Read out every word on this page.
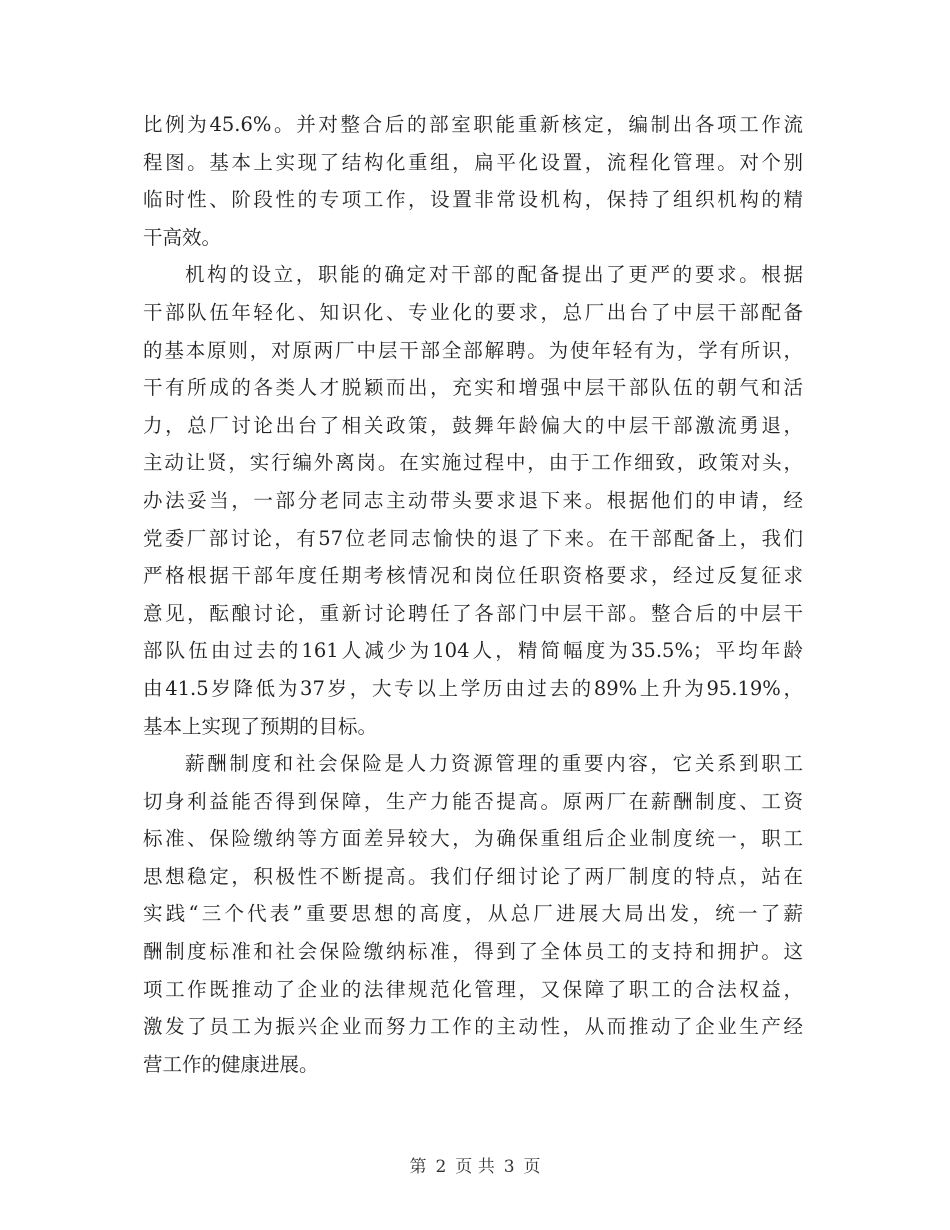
比例为45.6%。并对整合后的部室职能重新核定，编制出各项工作流
程图。基本上实现了结构化重组，扁平化设置，流程化管理。对个别
临时性、阶段性的专项工作，设置非常设机构，保持了组织机构的精
干高效。
机构的设立，职能的确定对干部的配备提出了更严的要求。根据
干部队伍年轻化、知识化、专业化的要求，总厂出台了中层干部配备
的基本原则，对原两厂中层干部全部解聘。为使年轻有为，学有所识，
干有所成的各类人才脱颖而出，充实和增强中层干部队伍的朝气和活
力，总厂讨论出台了相关政策，鼓舞年龄偏大的中层干部激流勇退，
主动让贤，实行编外离岗。在实施过程中，由于工作细致，政策对头，
办法妥当，一部分老同志主动带头要求退下来。根据他们的申请，经
党委厂部讨论，有57位老同志愉快的退了下来。在干部配备上，我们
严格根据干部年度任期考核情况和岗位任职资格要求，经过反复征求
意见，酝酿讨论，重新讨论聘任了各部门中层干部。整合后的中层干
部队伍由过去的161人减少为104人，精简幅度为35.5%；平均年龄
由41.5岁降低为37岁，大专以上学历由过去的89%上升为95.19%，
基本上实现了预期的目标。
薪酬制度和社会保险是人力资源管理的重要内容，它关系到职工
切身利益能否得到保障，生产力能否提高。原两厂在薪酬制度、工资
标准、保险缴纳等方面差异较大，为确保重组后企业制度统一，职工
思想稳定，积极性不断提高。我们仔细讨论了两厂制度的特点，站在
实践“三个代表”重要思想的高度，从总厂进展大局出发，统一了薪
酬制度标准和社会保险缴纳标准，得到了全体员工的支持和拥护。这
项工作既推动了企业的法律规范化管理，又保障了职工的合法权益，
激发了员工为振兴企业而努力工作的主动性，从而推动了企业生产经
营工作的健康进展。
第 2 页 共 3 页
